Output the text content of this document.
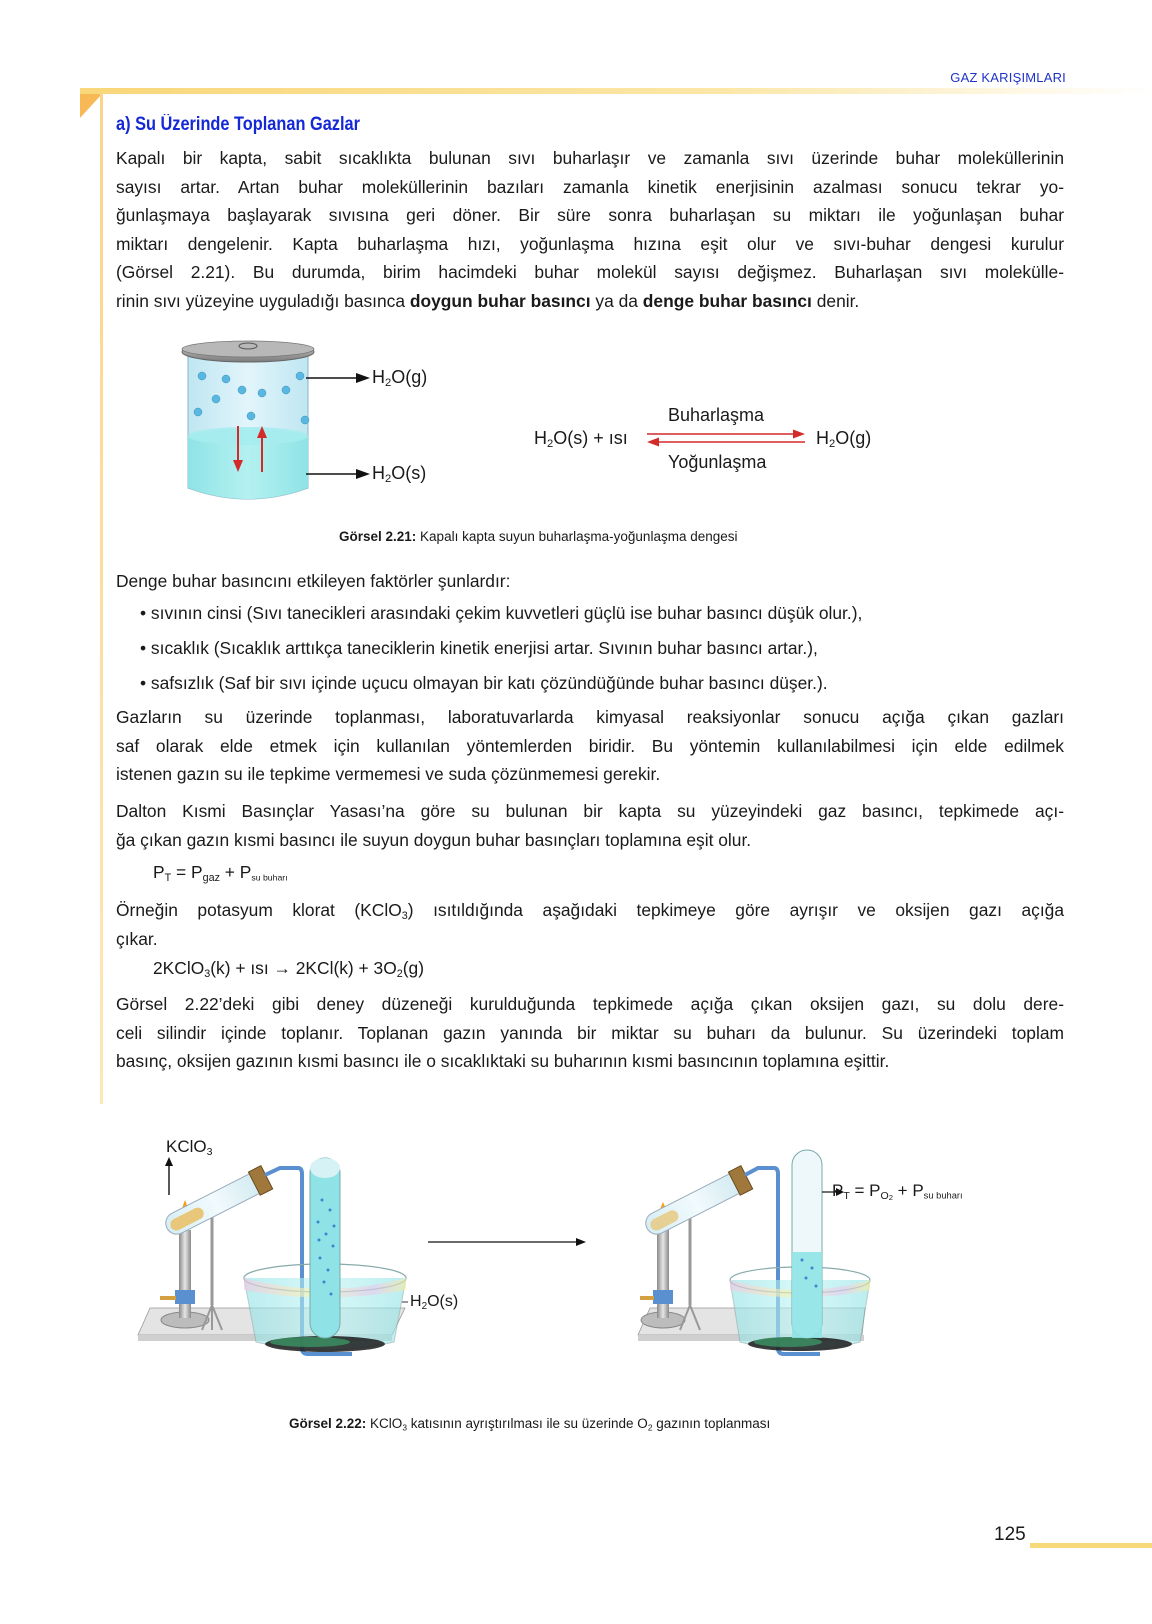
GAZ KARIŞIMLARI
a) Su Üzerinde Toplanan Gazlar
Kapalı bir kapta, sabit sıcaklıkta bulunan sıvı buharlaşır ve zamanla sıvı üzerinde buhar moleküllerinin
sayısı artar. Artan buhar moleküllerinin bazıları zamanla kinetik enerjisinin azalması sonucu tekrar yo-
ğunlaşmaya başlayarak sıvısına geri döner. Bir süre sonra buharlaşan su miktarı ile yoğunlaşan buhar
miktarı dengelenir. Kapta buharlaşma hızı, yoğunlaşma hızına eşit olur ve sıvı-buhar dengesi kurulur
(Görsel 2.21). Bu durumda, birim hacimdeki buhar molekül sayısı değişmez. Buharlaşan sıvı molekülle-
rinin sıvı yüzeyine uyguladığı basınca doygun buhar basıncı ya da denge buhar basıncı denir.
$H_2O(g)$
$H_2O(s)$
Buharlaşma
$H_2O(s)$ + ısı	$H_2O(g)$
Yoğunlaşma
Görsel 2.21: Kapalı kapta suyun buharlaşma-yoğunlaşma dengesi
Denge buhar basıncını etkileyen faktörler şunlardır:
• sıvının cinsi (Sıvı tanecikleri arasındaki çekim kuvvetleri güçlü ise buhar basıncı düşük olur.),
• sıcaklık (Sıcaklık arttıkça taneciklerin kinetik enerjisi artar. Sıvının buhar basıncı artar.),
• safsızlık (Saf bir sıvı içinde uçucu olmayan bir katı çözündüğünde buhar basıncı düşer.).
Gazların su üzerinde toplanması, laboratuvarlarda kimyasal reaksiyonlar sonucu açığa çıkan gazları
saf olarak elde etmek için kullanılan yöntemlerden biridir. Bu yöntemin kullanılabilmesi için elde edilmek
istenen gazın su ile tepkime vermemesi ve suda çözünmemesi gerekir.
Dalton Kısmi Basınçlar Yasası’na göre su bulunan bir kapta su yüzeyindeki gaz basıncı, tepkimede açı-
ğa çıkan gazın kısmi basıncı ile suyun doygun buhar basınçları toplamına eşit olur.
$P_T = P_{gaz} + P_{su buharı}$
Örneğin potasyum klorat (KClO$_3$) ısıtıldığında aşağıdaki tepkimeye göre ayrışır ve oksijen gazı açığa
çıkar.
2KClO$_3$(k) + ısı → $2KCl(k) + 3O_2(g)$
Görsel 2.22’deki gibi deney düzeneği kurulduğunda tepkimede açığa çıkan oksijen gazı, su dolu dere-
celi silindir içinde toplanır. Toplanan gazın yanında bir miktar su buharı da bulunur. Su üzerindeki toplam
basınç, oksijen gazının kısmi basıncı ile o sıcaklıktaki su buharının kısmi basıncının toplamına eşittir.
KClO$_3$
$H_2O(s)$
$P_T = P_{O2} + P_{su buharı}$
Görsel 2.22: KClO$_3$ katısının ayrıştırılması ile su üzerinde $O_2$ gazının toplanması
125
